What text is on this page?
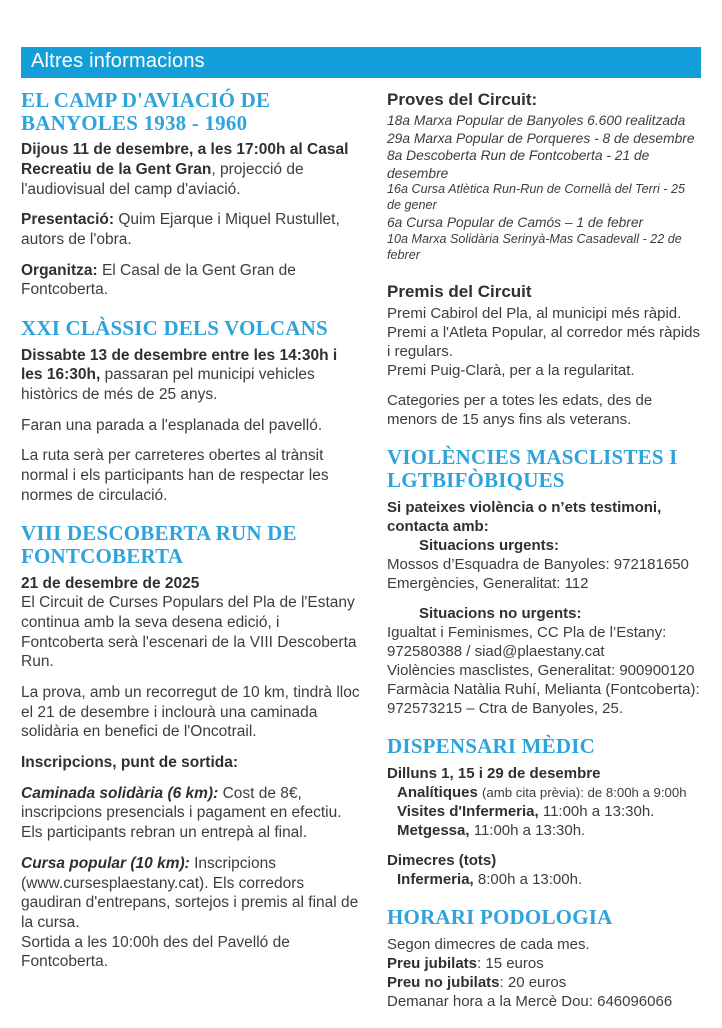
Altres informacions
EL CAMP D'AVIACIÓ DE
BANYOLES 1938 - 1960

Dijous 11 de desembre, a les 17:00h al Casal Recreatiu de la Gent Gran, projecció de l'audiovisual del camp d'aviació.

Presentació: Quim Ejarque i Miquel Rustullet, autors de l'obra.

Organitza: El Casal de la Gent Gran de Fontcoberta.

XXI CLÀSSIC DELS VOLCANS

Dissabte 13 de desembre entre les 14:30h i les 16:30h, passaran pel municipi vehicles històrics de més de 25 anys.

Faran una parada a l'esplanada del pavelló.

La ruta serà per carreteres obertes al trànsit normal i els participants han de respectar les normes de circulació.

VIII DESCOBERTA RUN DE
FONTCOBERTA

21 de desembre de 2025

El Circuit de Curses Populars del Pla de l'Estany continua amb la seva desena edició, i Fontcoberta serà l'escenari de la VIII Descoberta Run.

La prova, amb un recorregut de 10 km, tindrà lloc el 21 de desembre i inclourà una caminada solidària en benefici de l'Oncotrail.

Inscripcions, punt de sortida:

Caminada solidària (6 km): Cost de 8€, inscripcions presencials i pagament en efectiu.

Els participants rebran un entrepà al final.

Cursa popular (10 km): Inscripcions (www.cursesplaestany.cat). Els corredors gaudiran d'entrepans, sortejos i premis al final de la cursa.

Sortida a les 10:00h des del Pavelló de Fontcoberta.

Proves del Circuit:

18a Marxa Popular de Banyoles 6.600 realitzada

29a Marxa Popular de Porqueres - 8 de desembre

8a Descoberta Run de Fontcoberta - 21 de desembre

16a Cursa Atlètica Run-Run de Cornellà del Terri - 25 de gener

6a Cursa Popular de Camós – 1 de febrer

10a Marxa Solidària Serinyà-Mas Casadevall - 22 de febrer

Premis del Circuit

Premi Cabirol del Pla, al municipi més ràpid.

Premi a l'Atleta Popular, al corredor més ràpids i regulars.

Premi Puig-Clarà, per a la regularitat.

Categories per a totes les edats, des de menors de 15 anys fins als veterans.

VIOLÈNCIES MASCLISTES I
LGTBIFÒBIQUES

Si pateixes violència o n’ets testimoni, contacta amb:

Situacions urgents:

Mossos d’Esquadra de Banyoles: 972181650

Emergències, Generalitat: 112

Situacions no urgents:

Igualtat i Feminismes, CC Pla de l’Estany: 972580388 / siad@plaestany.cat

Violències masclistes, Generalitat: 900900120

Farmàcia Natàlia Ruhí, Melianta (Fontcoberta): 972573215 – Ctra de Banyoles, 25.

DISPENSARI MÈDIC

Dilluns 1, 15 i 29 de desembre

Analítiques (amb cita prèvia): de 8:00h a 9:00h

Visites d'Infermeria, 11:00h a 13:30h.

Metgessa, 11:00h a 13:30h.

Dimecres (tots)

Infermeria, 8:00h a 13:00h.

HORARI PODOLOGIA

Segon dimecres de cada mes.

Preu jubilats: 15 euros

Preu no jubilats: 20 euros

Demanar hora a la Mercè Dou: 646096066
